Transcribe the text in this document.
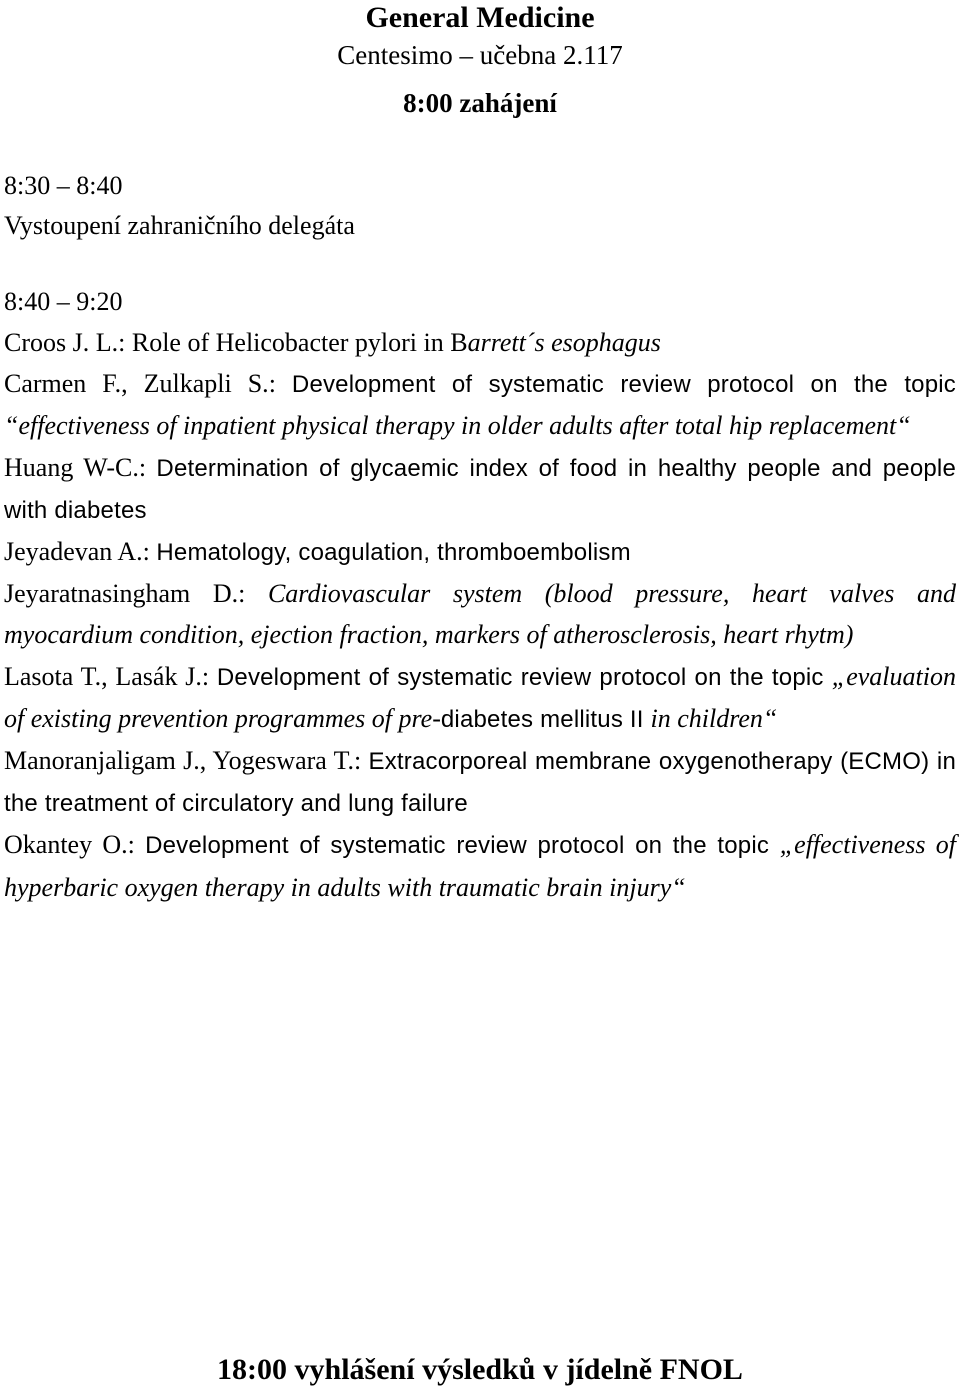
General Medicine
Centesimo – učebna 2.117
8:00 zahájení
8:30 – 8:40
Vystoupení zahraničního delegáta
8:40 – 9:20
Croos J. L.: Role of Helicobacter pylori in Barrett´s esophagus
Carmen F., Zulkapli S.: Development of systematic review protocol on the topic “effectiveness of inpatient physical therapy in older adults after total hip replacement“
Huang W-C.: Determination of glycaemic index of food in healthy people and people with diabetes
Jeyadevan A.: Hematology, coagulation, thromboembolism
Jeyaratnasingham D.: Cardiovascular system (blood pressure, heart valves and myocardium condition, ejection fraction, markers of atherosclerosis, heart rhytm)
Lasota T., Lasák J.: Development of systematic review protocol on the topic „evaluation of existing prevention programmes of pre-diabetes mellitus II in children“
Manoranjaligam J., Yogeswara T.: Extracorporeal membrane oxygenotherapy (ECMO) in the treatment of circulatory and lung failure
Okantey O.: Development of systematic review protocol on the topic „effectiveness of hyperbaric oxygen therapy in adults with traumatic brain injury“
18:00 vyhlášení výsledků v jídelně FNOL
